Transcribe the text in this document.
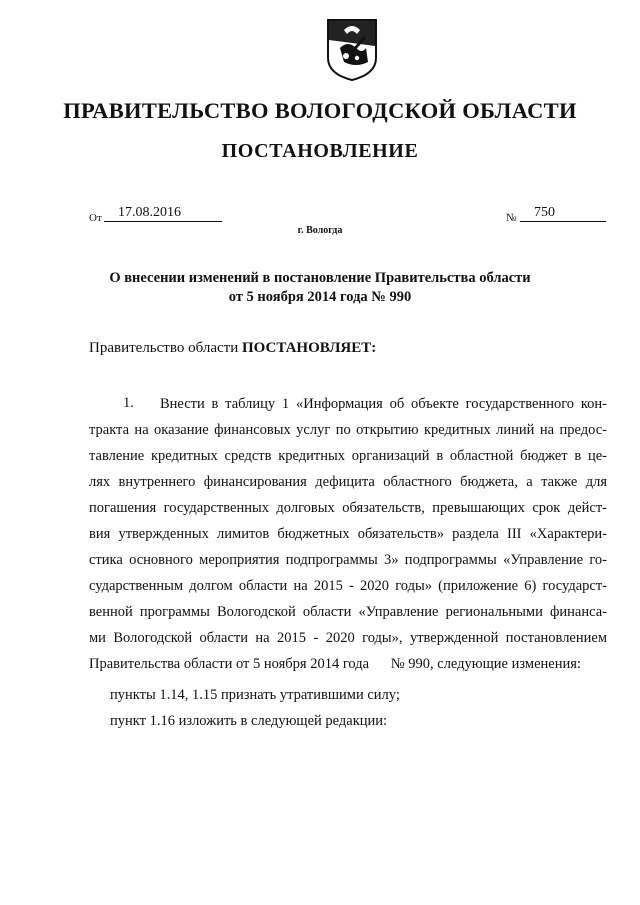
ПРАВИТЕЛЬСТВО ВОЛОГОДСКОЙ ОБЛАСТИ
ПОСТАНОВЛЕНИЕ
От	17.08.2016	№	750
г. Вологда
О внесении изменений в постановление Правительства области
от 5 ноября 2014 года № 990
Правительство области ПОСТАНОВЛЯЕТ:
1. Внести в таблицу 1 «Информация об объекте государственного кон-
тракта на оказание финансовых услуг по открытию кредитных линий на предос-
тавление кредитных средств кредитных организаций в областной бюджет в це-
лях внутреннего финансирования дефицита областного бюджета, а также для
погашения государственных долговых обязательств, превышающих срок дейст-
вия утвержденных лимитов бюджетных обязательств» раздела III «Характери-
стика основного мероприятия подпрограммы 3» подпрограммы «Управление го-
сударственным долгом области на 2015 - 2020 годы» (приложение 6) государст-
венной программы Вологодской области «Управление региональными финанса-
ми Вологодской области на 2015 - 2020 годы», утвержденной постановлением
Правительства области от 5 ноября 2014 года      № 990, следующие изменения:
пункты 1.14, 1.15 признать утратившими силу;
пункт 1.16 изложить в следующей редакции:
